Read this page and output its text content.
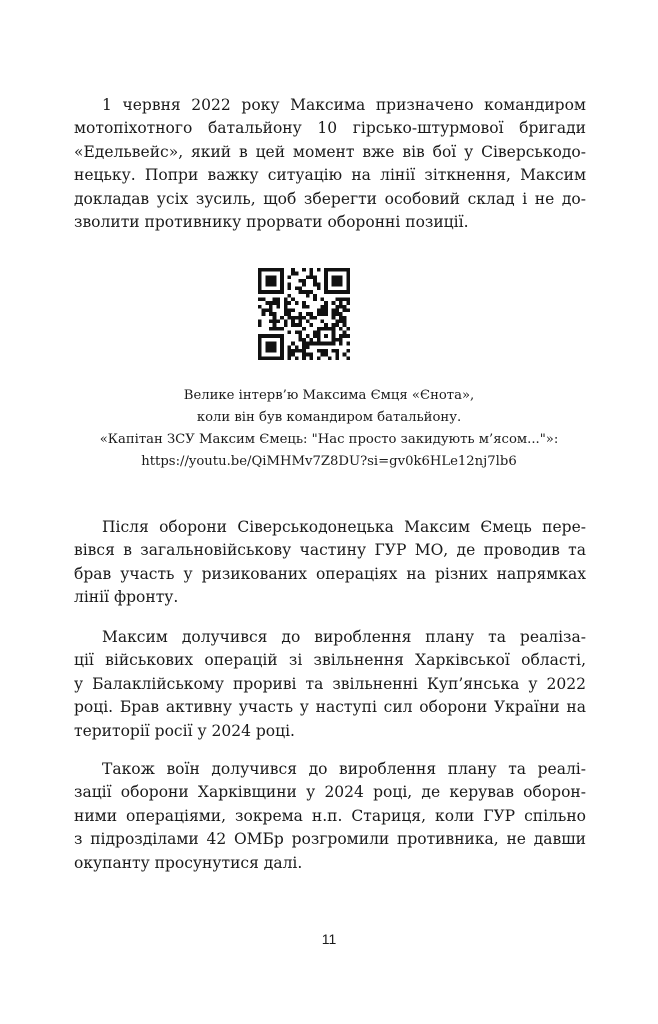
1 червня 2022 року Максима призначено командиром
мотопіхотного батальйону 10 гірсько-штурмової бригади
«Едельвейс», який в цей момент вже вів бої у Сіверськодо-
нецьку. Попри важку ситуацію на лінії зіткнення, Максим
докладав усіх зусиль, щоб зберегти особовий склад і не до-
зволити противнику прорвати оборонні позиції.
Велике інтерв’ю Максима Ємця «Єнота»,
коли він був командиром батальйону.
«Капітан ЗСУ Максим Ємець: "Нас просто закидують м’ясом..."»:
https://youtu.be/QiMHMv7Z8DU?si=gv0k6HLe12nj7lb6
Після оборони Сіверськодонецька Максим Ємець пере-
вівся в загальновійськову частину ГУР МО, де проводив та
брав участь у ризикованих операціях на різних напрямках
лінії фронту.
Максим долучився до вироблення плану та реаліза-
ції військових операцій зі звільнення Харківської області,
у Балаклійському прориві та звільненні Куп’янська у 2022
році. Брав активну участь у наступі сил оборони України на
території росії у 2024 році.
Також воїн долучився до вироблення плану та реалі-
зації оборони Харківщини у 2024 році, де керував оборон-
ними операціями, зокрема н.п. Стариця, коли ГУР спільно
з підрозділами 42 ОМБр розгромили противника, не давши
окупанту просунутися далі.
11
